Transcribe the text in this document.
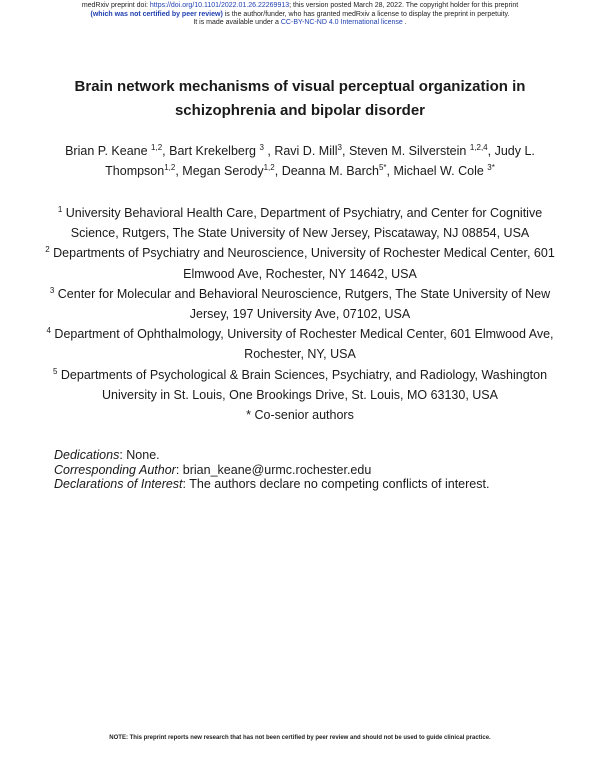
medRxiv preprint doi: https://doi.org/10.1101/2022.01.26.22269913; this version posted March 28, 2022. The copyright holder for this preprint
(which was not certified by peer review) is the author/funder, who has granted medRxiv a license to display the preprint in perpetuity.
It is made available under a CC-BY-NC-ND 4.0 International license .
Brain network mechanisms of visual perceptual organization in
schizophrenia and bipolar disorder
Brian P. Keane $^{1,2}$, Bart Krekelberg $^3$ , Ravi D. Mill$^3$, Steven M. Silverstein $^{1,2,4}$, Judy L. Thompson$^{1,2}$, Megan Serody$^{1,2}$, Deanna M. Barch$^{5*}$, Michael W. Cole $^{3*}$

$^1$ University Behavioral Health Care, Department of Psychiatry, and Center for Cognitive Science, Rutgers, The State University of New Jersey, Piscataway, NJ 08854, USA

$^2$ Departments of Psychiatry and Neuroscience, University of Rochester Medical Center, 601 Elmwood Ave, Rochester, NY 14642, USA

$^3$ Center for Molecular and Behavioral Neuroscience, Rutgers, The State University of New Jersey, 197 University Ave, 07102, USA

$^4$ Department of Ophthalmology, University of Rochester Medical Center, 601 Elmwood Ave, Rochester, NY, USA

$^5$ Departments of Psychological & Brain Sciences, Psychiatry, and Radiology, Washington University in St. Louis, One Brookings Drive, St. Louis, MO 63130, USA

* Co-senior authors

Dedications: None.
Corresponding Author: brian_keane@urmc.rochester.edu
Declarations of Interest: The authors declare no competing conflicts of interest.
NOTE: This preprint reports new research that has not been certified by peer review and should not be used to guide clinical practice.
